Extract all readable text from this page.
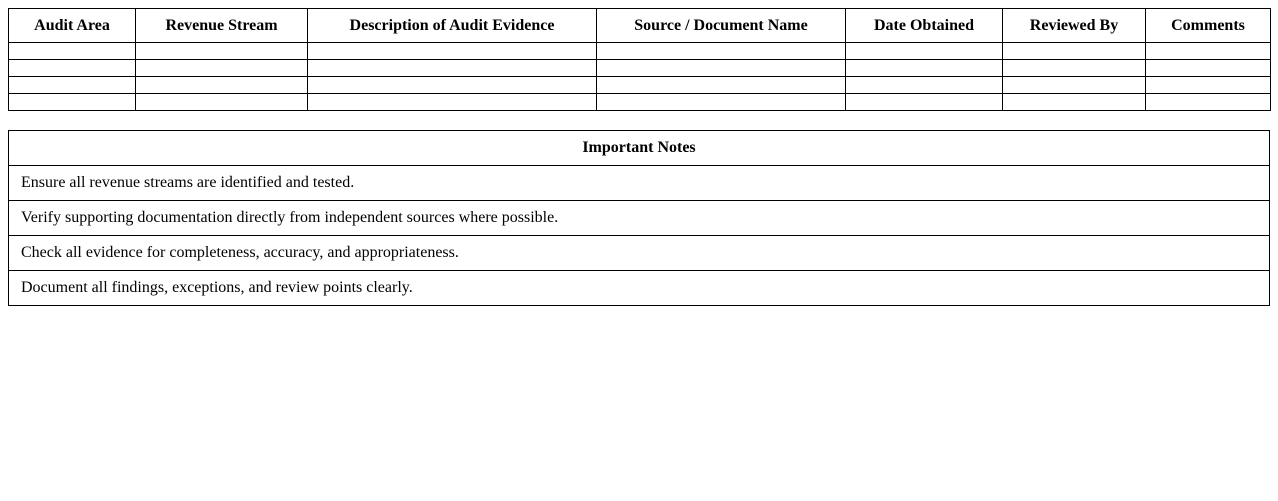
Audit Area	Revenue Stream	Description of Audit Evidence	Source / Document Name	Date Obtained	Reviewed By	Comments

Important Notes
Ensure all revenue streams are identified and tested.
Verify supporting documentation directly from independent sources where possible.
Check all evidence for completeness, accuracy, and appropriateness.
Document all findings, exceptions, and review points clearly.
